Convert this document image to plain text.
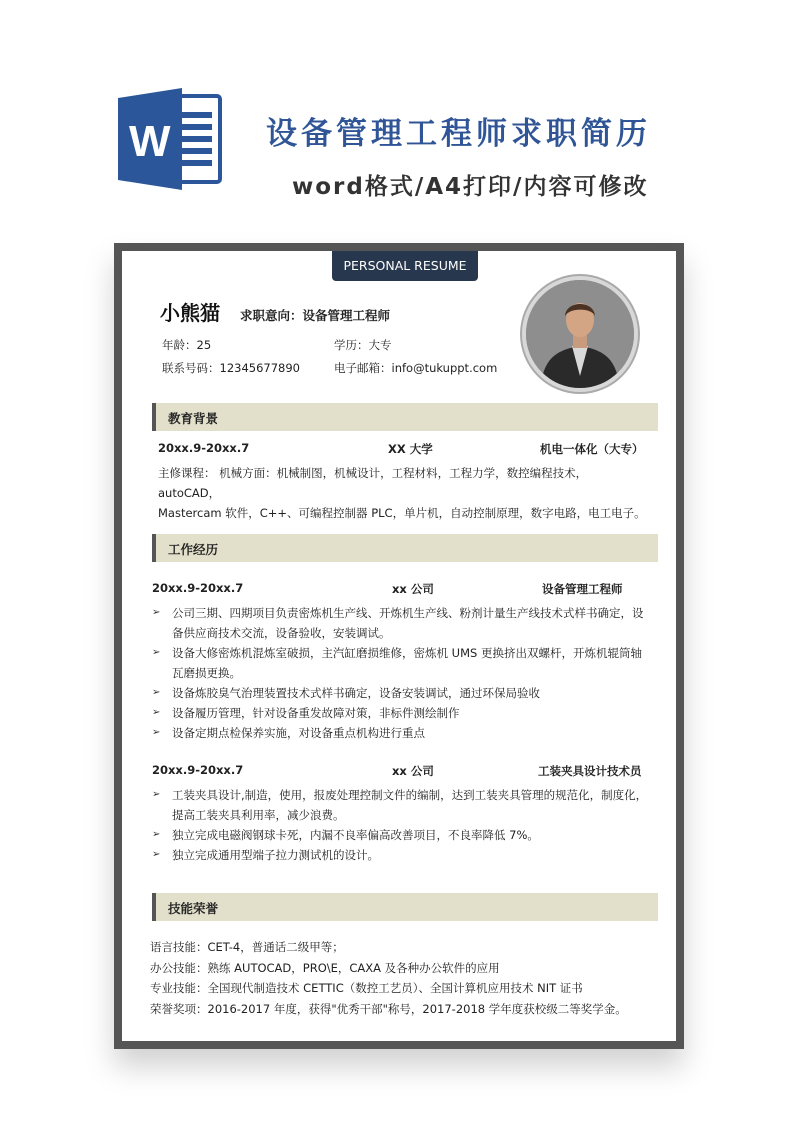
W	设备管理工程师求职简历
word格式/A4打印/内容可修改
PERSONAL RESUME
小熊猫 求职意向：设备管理工程师
年龄：25	学历：大专
联系号码：12345677890	电子邮箱：info@tukuppt.com
教育背景
20xx.9-20xx.7	XX 大学	机电一体化（大专）
主修课程： 机械方面：机械制图，机械设计，工程材料，工程力学，数控编程技术，autoCAD，
Mastercam 软件，C++、可编程控制器 PLC，单片机，自动控制原理，数字电路，电工电子。
工作经历
20xx.9-20xx.7	xx 公司	设备管理工程师
➢ 公司三期、四期项目负责密炼机生产线、开炼机生产线、粉剂计量生产线技术式样书确定，设备供应商技术交流，设备验收，安装调试。
➢ 设备大修密炼机混炼室破损，主汽缸磨损维修，密炼机 UMS 更换挤出双螺杆，开炼机辊筒轴瓦磨损更换。
➢ 设备炼胶臭气治理装置技术式样书确定，设备安装调试，通过环保局验收
➢ 设备履历管理，针对设备重发故障对策，非标件测绘制作
➢ 设备定期点检保养实施，对设备重点机构进行重点
20xx.9-20xx.7	xx 公司	工装夹具设计技术员
➢ 工装夹具设计,制造，使用，报废处理控制文件的编制，达到工装夹具管理的规范化，制度化，提高工装夹具利用率，减少浪费。
➢ 独立完成电磁阀钢球卡死，内漏不良率偏高改善项目，不良率降低 7%。
➢ 独立完成通用型端子拉力测试机的设计。
技能荣誉
语言技能：CET-4，普通话二级甲等；
办公技能：熟练 AUTOCAD，PRO\E，CAXA 及各种办公软件的应用
专业技能：全国现代制造技术 CETTIC（数控工艺员）、全国计算机应用技术 NIT 证书
荣誉奖项：2016-2017 年度，获得"优秀干部"称号，2017-2018 学年度获校级二等奖学金。
